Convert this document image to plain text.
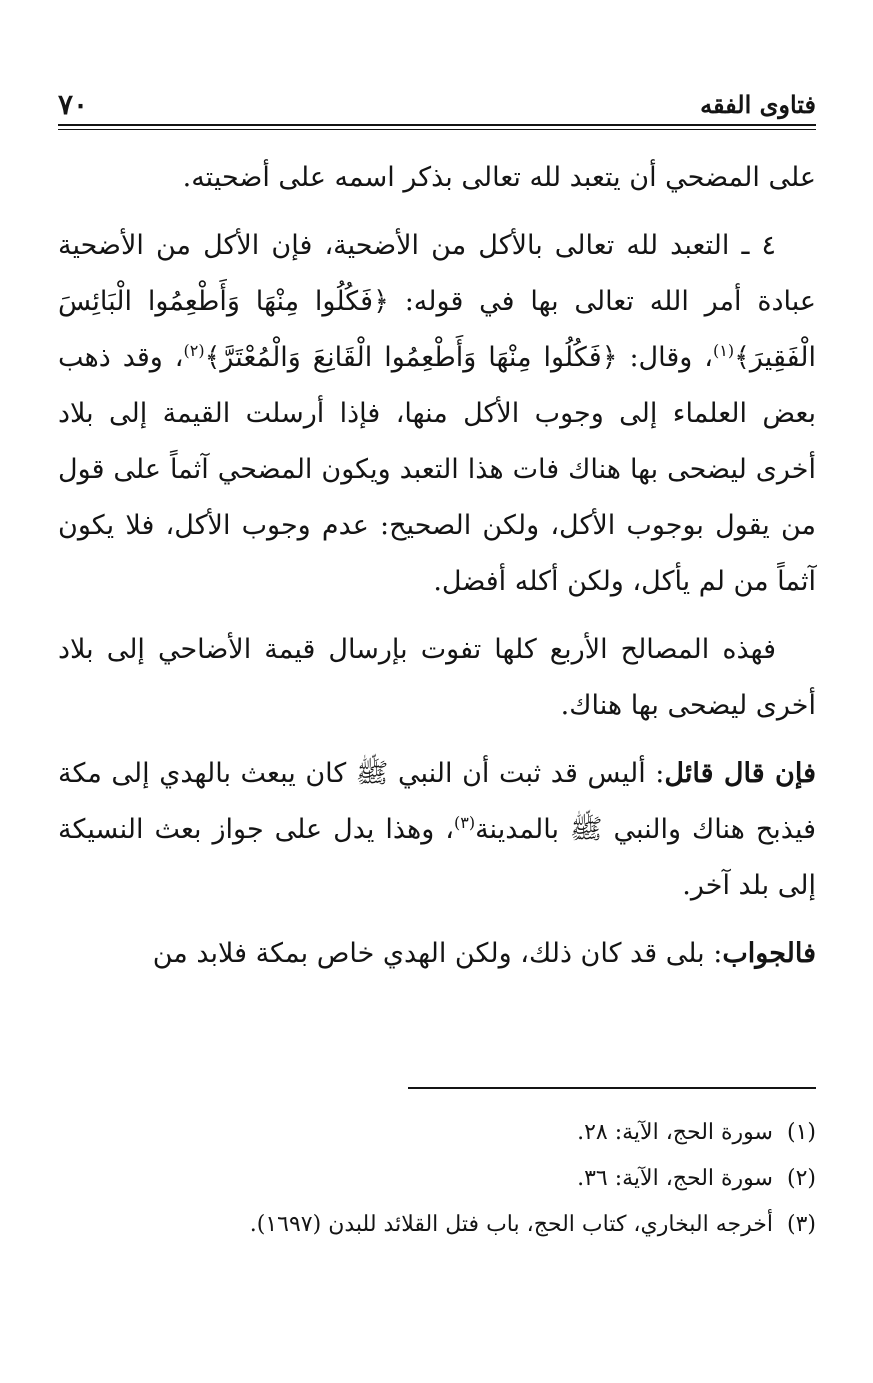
فتاوى الفقه
٧٠

على المضحي أن يتعبد لله تعالى بذكر اسمه على أضحيته.

٤ ـ التعبد لله تعالى بالأكل من الأضحية، فإن الأكل من الأضحية عبادة أمر الله تعالى بها في قوله: ﴿فَكُلُوا مِنْهَا وَأَطْعِمُوا الْبَائِسَ الْفَقِيرَ﴾$^{(١)}$، وقال: ﴿فَكُلُوا مِنْهَا وَأَطْعِمُوا الْقَانِعَ وَالْمُعْتَرَّ﴾$^{(٢)}$، وقد ذهب بعض العلماء إلى وجوب الأكل منها، فإذا أرسلت القيمة إلى بلاد أخرى ليضحى بها هناك فات هذا التعبد ويكون المضحي آثماً على قول من يقول بوجوب الأكل، ولكن الصحيح: عدم وجوب الأكل، فلا يكون آثماً من لم يأكل، ولكن أكله أفضل.

فهذه المصالح الأربع كلها تفوت بإرسال قيمة الأضاحي إلى بلاد أخرى ليضحى بها هناك.

فإن قال قائل: أليس قد ثبت أن النبي ﷺ كان يبعث بالهدي إلى مكة فيذبح هناك والنبي ﷺ بالمدينة$^{(٣)}$، وهذا يدل على جواز بعث النسيكة إلى بلد آخر.

فالجواب: بلى قد كان ذلك، ولكن الهدي خاص بمكة فلابد من

(١)سورة الحج، الآية: ٢٨.

(٢)سورة الحج، الآية: ٣٦.

(٣)أخرجه البخاري، كتاب الحج، باب فتل القلائد للبدن (١٦٩٧).
